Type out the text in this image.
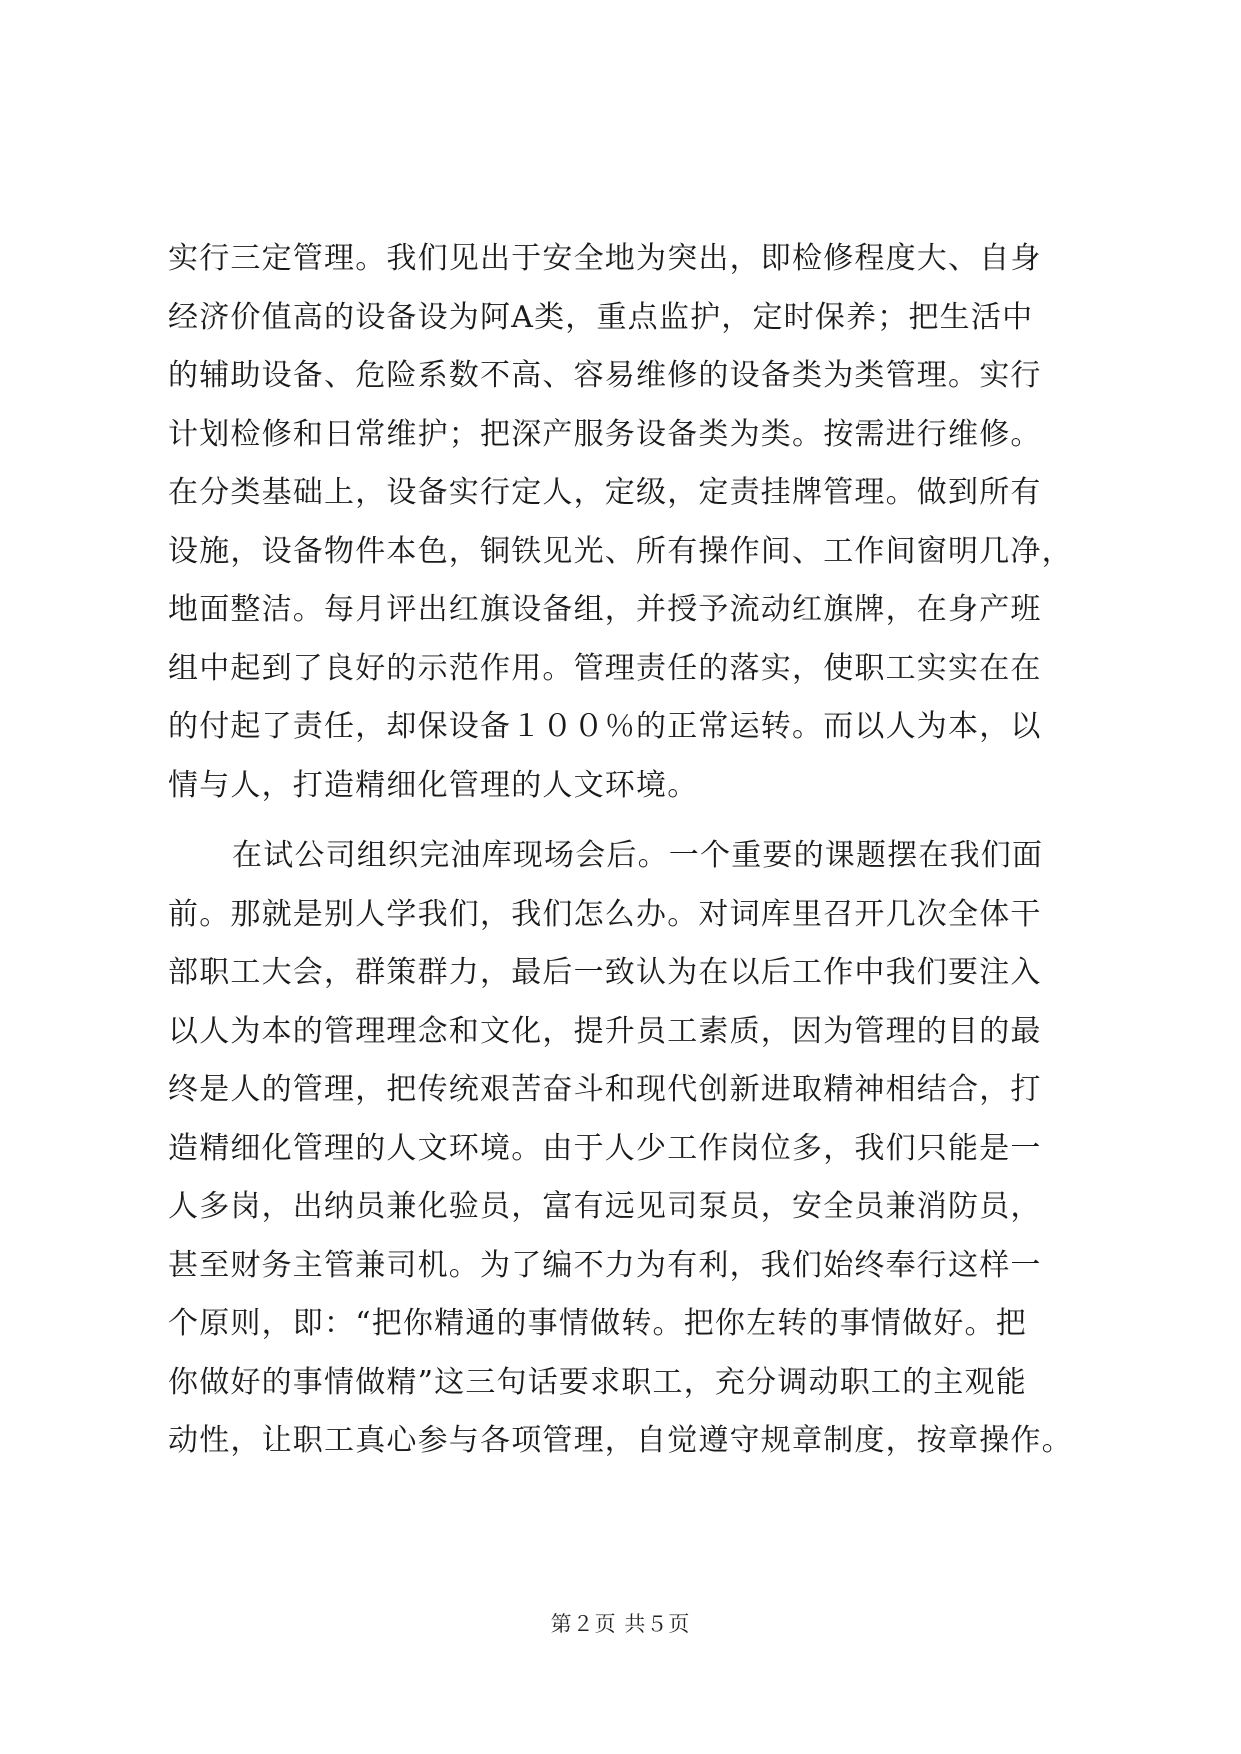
实行三定管理。我们见出于安全地为突出，即检修程度大、自身
经济价值高的设备设为阿A类，重点监护，定时保养；把生活中
的辅助设备、危险系数不高、容易维修的设备类为类管理。实行
计划检修和日常维护；把深产服务设备类为类。按需进行维修。
在分类基础上，设备实行定人，定级，定责挂牌管理。做到所有
设施，设备物件本色，铜铁见光、所有操作间、工作间窗明几净，
地面整洁。每月评出红旗设备组，并授予流动红旗牌，在身产班
组中起到了良好的示范作用。管理责任的落实，使职工实实在在
的付起了责任，却保设备１００％的正常运转。而以人为本，以
情与人，打造精细化管理的人文环境。
在试公司组织完油库现场会后。一个重要的课题摆在我们面
前。那就是别人学我们，我们怎么办。对词库里召开几次全体干
部职工大会，群策群力，最后一致认为在以后工作中我们要注入
以人为本的管理理念和文化，提升员工素质，因为管理的目的最
终是人的管理，把传统艰苦奋斗和现代创新进取精神相结合，打
造精细化管理的人文环境。由于人少工作岗位多，我们只能是一
人多岗，出纳员兼化验员，富有远见司泵员，安全员兼消防员，
甚至财务主管兼司机。为了编不力为有利，我们始终奉行这样一
个原则，即：“把你精通的事情做转。把你左转的事情做好。把
你做好的事情做精”这三句话要求职工，充分调动职工的主观能
动性，让职工真心参与各项管理，自觉遵守规章制度，按章操作。
第２页 共５页
